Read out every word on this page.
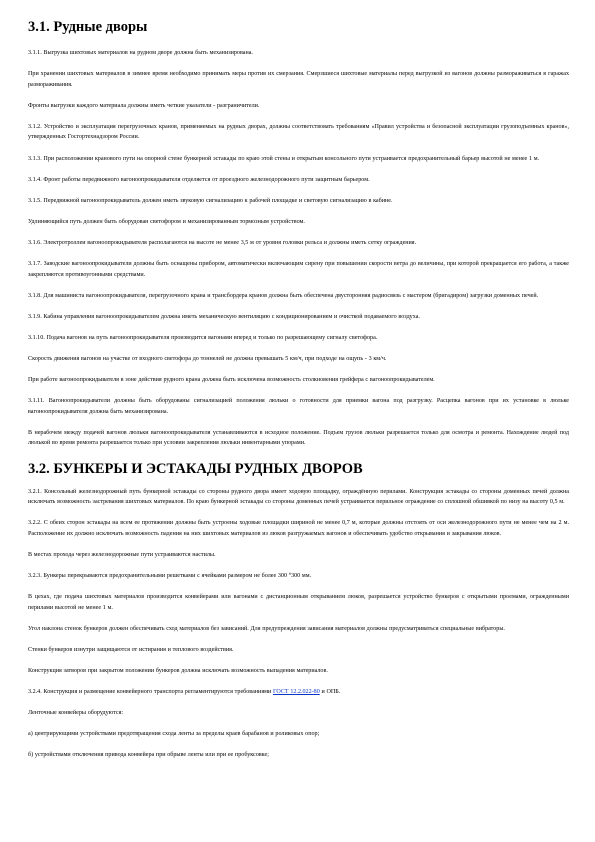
3.1. Рудные дворы

3.1.1. Выгрузка шихтовых материалов на рудном дворе должна быть механизирована.

При хранении шихтовых материалов в зимнее время необходимо принимать меры против их смерзания. Смерзшиеся шихтовые материалы перед выгрузкой из вагонов должны размораживаться в гаражах размораживания.

Фронты выгрузки каждого материала должны иметь четкие указатели - разграничители.

3.1.2. Устройство и эксплуатация перегрузочных кранов, применяемых на рудных дворах, должны соответствовать требованиям «Правил устройства и безопасной эксплуатации грузоподъемных кранов», утвержденных Госгортехнадзором России.

3.1.3. При расположении кранового пути на опорной стене бункерной эстакады по краю этой стены и открытым консольного пути устраивается предохранительный барьер высотой не менее 1 м.

3.1.4. Фронт работы передвижного вагоноопрокидывателя отделяется от проездного железнодорожного пути защитным барьером.

3.1.5. Передвижной вагоноопрокидыватель должен иметь звуковую сигнализацию к рабочей площадке и световую сигнализацию в кабине.

Удлиняющийся путь должен быть оборудован светофором и механизированным тормозным устройством.

3.1.6. Электротроллеи вагоноопрокидывателя располагаются на высоте не менее 3,5 м от уровня головки рельса и должны иметь сетку ограждения.

3.1.7. Заводские вагоноопрокидыватели должны быть оснащены прибором, автоматически включающим сирену при повышении скорости ветра до величины, при которой прекращается его работа, а также закрепляются противоугонными средствами.

3.1.8. Для машиниста вагоноопрокидывателя, перегрузочного крана и трансбордера кранов должна быть обеспечена двусторонняя радиосвязь с мастером (бригадиром) загрузки доменных печей.

3.1.9. Кабина управления вагоноопрокидывателем должна иметь механическую вентиляцию с кондиционированием и очисткой подаваемого воздуха.

3.1.10. Подача вагонов на путь вагоноопрокидывателя производится вагонами вперед и только по разрешающему сигналу светофора.

Скорость движения вагонов на участке от входного светофора до тоннелей не должна превышать 5 км/ч, при подходе на ощупь - 3 км/ч.

При работе вагоноопрокидывателя в зоне действия рудного крана должна быть исключена возможность столкновения грейфера с вагоноопрокидывателем.

3.1.11. Вагоноопрокидыватели должны быть оборудованы сигнализацией положения люльки о готовности для приемки вагона под разгрузку. Расцепка вагонов при их установке в люльке вагоноопрокидывателя должна быть механизирована.

В нерабочем между подачей вагонов люльки вагоноопрокидывателя устанавливаются в исходное положение. Подъем грузов люльки разрешается только для осмотра и ремонта. Нахождение людей под люлькой во время ремонта разрешается только при условии закрепления люльки инвентарными упорами.

3.2. БУНКЕРЫ И ЭСТАКАДЫ РУДНЫХ ДВОРОВ

3.2.1. Консольный железнодорожный путь бункерной эстакады со стороны рудного двора имеет ходовую площадку, ограждённую перилами. Конструкция эстакады со стороны доменных печей должна исключать возможность застревания шихтовых материалов. По краю бункерной эстакады со стороны доменных печей устраивается перильное ограждение со сплошной обшивкой по низу на высоту 0,5 м.

3.2.2. С обеих сторон эстакады на всем ее протяжении должны быть устроены ходовые площадки шириной не менее 0,7 м, которые должны отстоять от оси железнодорожного пути не менее чем на 2 м. Расположение их должно исключать возможность падения на них шихтовых материалов из люков разгружаемых вагонов и обеспечивать удобство открывания и закрывания люков.

В местах прохода через железнодорожные пути устраиваются настилы.

3.2.3. Бункеры перекрываются предохранительными решетками с ячейками размером не более 300 ˟300 мм.

В цехах, где подача шихтовых материалов производится конвейерами или вагонами с дистанционным открыванием люков, разрешается устройство бункеров с открытыми проемами, огражденными перилами высотой не менее 1 м.

Угол наклона стенок бункеров должен обеспечивать сход материалов без зависаний. Для предупреждения зависания материалов должны предусматриваться специальные вибраторы.

Стенки бункеров изнутри защищаются от истирания и теплового воздействия.

Конструкция затворов при закрытом положении бункеров должна исключать возможность выпадения материалов.

3.2.4. Конструкция и размещение конвейерного транспорта регламентируются требованиями ГОСТ 12.2.022-80 и ОПБ.

Ленточные конвейеры оборудуются:

а) центрирующими устройствами предотвращения схода ленты за пределы краев барабанов и роликовых опор;

б) устройствами отключения привода конвейера при обрыве ленты или при ее пробуксовке;
